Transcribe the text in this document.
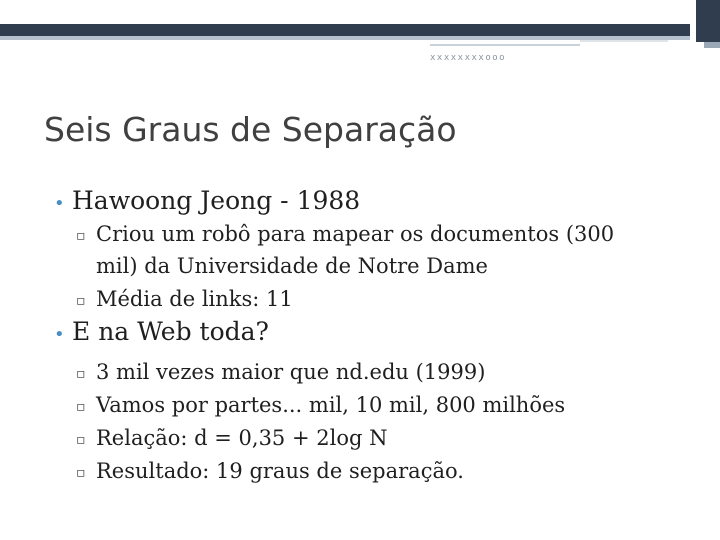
xxxxxxxxooo
Seis Graus de Separação
• Hawoong Jeong - 1988
▫ Criou um robô para mapear os documentos (300
mil) da Universidade de Notre Dame
▫ Média de links: 11
• E na Web toda?
▫ 3 mil vezes maior que nd.edu (1999)
▫ Vamos por partes... mil, 10 mil, 800 milhões
▫ Relação: d = 0,35 + 2log N
▫ Resultado: 19 graus de separação.
